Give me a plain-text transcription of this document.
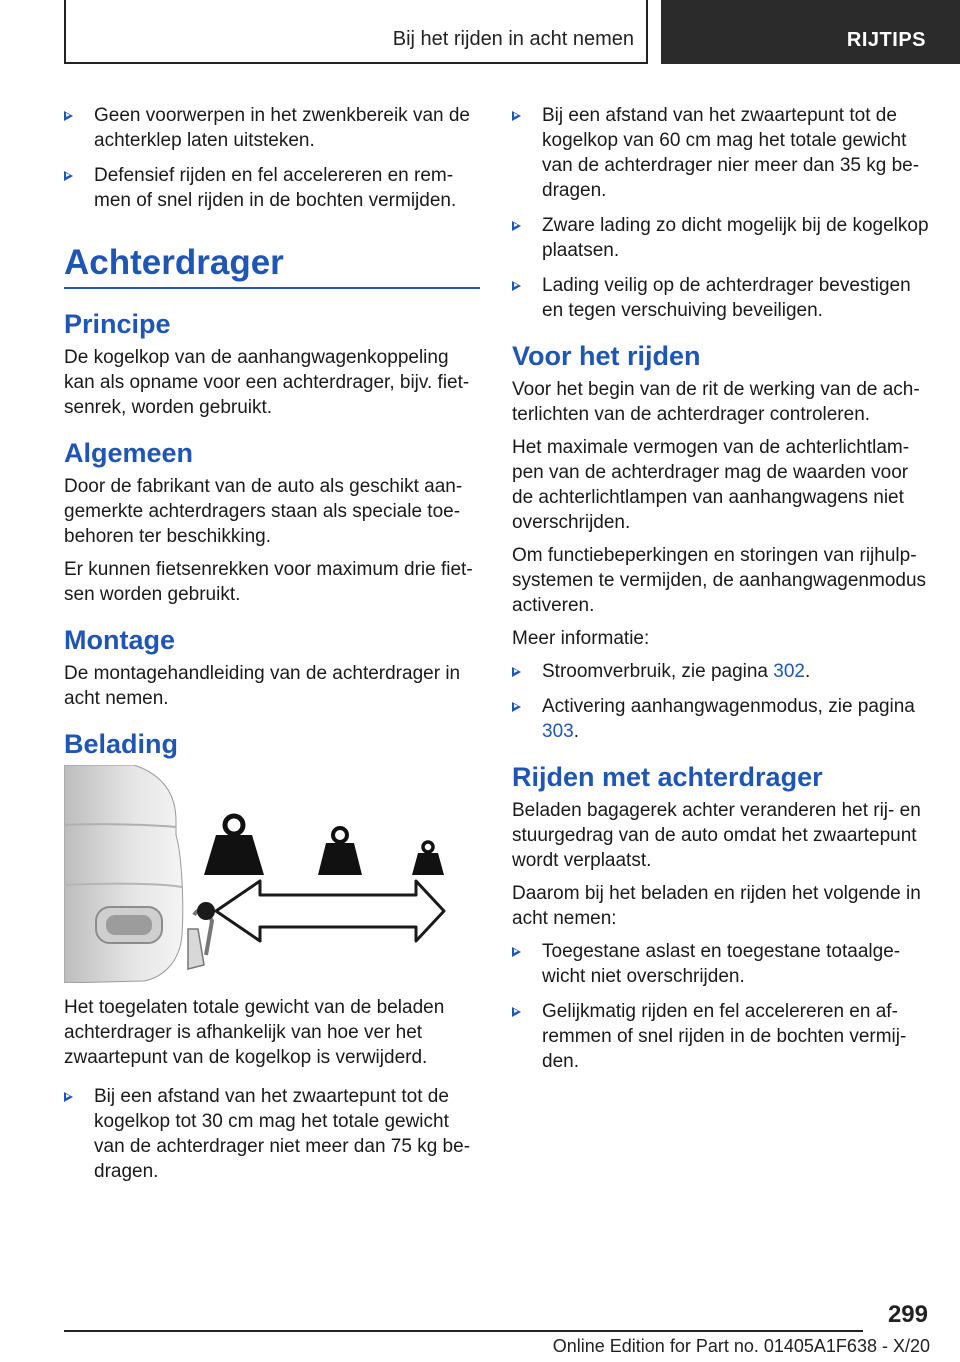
Bij het rijden in acht nemen	RIJTIPS
Geen voorwerpen in het zwenkbereik van de achterklep laten uitsteken.
Defensief rijden en fel accelereren en remmen of snel rijden in de bochten vermijden.
Achterdrager
Principe

De kogelkop van de aanhangwagenkoppeling kan als opname voor een achterdrager, bijv. fietsenrek, worden gebruikt.

Algemeen

Door de fabrikant van de auto als geschikt aangemerkte achterdragers staan als speciale toebehoren ter beschikking.

Er kunnen fietsenrekken voor maximum drie fietsen worden gebruikt.

Montage

De montagehandleiding van de achterdrager in acht nemen.

Belading

Het toegelaten totale gewicht van de beladen achterdrager is afhankelijk van hoe ver het zwaartepunt van de kogelkop is verwijderd.

Bij een afstand van het zwaartepunt tot de kogelkop tot 30 cm mag het totale gewicht van de achterdrager niet meer dan 75 kg bedragen.
Bij een afstand van het zwaartepunt tot de kogelkop van 60 cm mag het totale gewicht van de achterdrager nier meer dan 35 kg bedragen.
Zware lading zo dicht mogelijk bij de kogelkop plaatsen.
Lading veilig op de achterdrager bevestigen en tegen verschuiving beveiligen.
Voor het rijden

Voor het begin van de rit de werking van de achterlichten van de achterdrager controleren.

Het maximale vermogen van de achterlichtlampen van de achterdrager mag de waarden voor de achterlichtlampen van aanhangwagens niet overschrijden.

Om functiebeperkingen en storingen van rijhulpsystemen te vermijden, de aanhangwagenmodus activeren.

Meer informatie:

Stroomverbruik, zie pagina 302.
Activering aanhangwagenmodus, zie pagina 303.
Rijden met achterdrager

Beladen bagagerek achter veranderen het rij- en stuurgedrag van de auto omdat het zwaartepunt wordt verplaatst.

Daarom bij het beladen en rijden het volgende in acht nemen:

Toegestane aslast en toegestane totaalgewicht niet overschrijden.
Gelijkmatig rijden en fel accelereren en afremmen of snel rijden in de bochten vermijden.
299
Online Edition for Part no. 01405A1F638 - X/20
